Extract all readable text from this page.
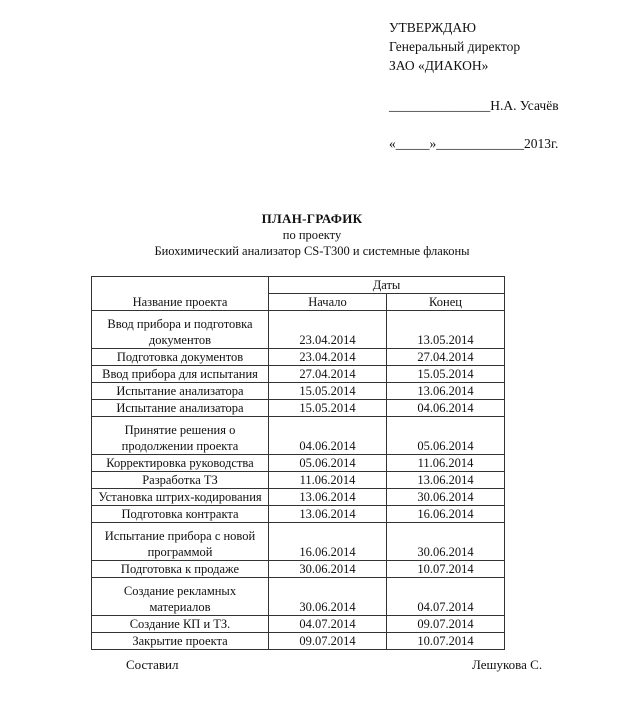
УТВЕРЖДАЮ
Генеральный директор
ЗАО «ДИАКОН»
_______________Н.А. Усачёв
«_____»_____________2013г.
ПЛАН-ГРАФИК
по проекту
Биохимический анализатор CS-T300 и системные флаконы
Название проекта	Даты	
	Начало	Конец

Ввод прибора и подготовка
документов	23.04.2014	13.05.2014

Подготовка документов	23.04.2014	27.04.2014

Ввод прибора для испытания	27.04.2014	15.05.2014

Испытание анализатора	15.05.2014	13.06.2014

Испытание анализатора	15.05.2014	04.06.2014

Принятие решения о
продолжении проекта	04.06.2014	05.06.2014

Корректировка руководства	05.06.2014	11.06.2014

Разработка ТЗ	11.06.2014	13.06.2014

Установка штрих-кодирования	13.06.2014	30.06.2014

Подготовка контракта	13.06.2014	16.06.2014

Испытание прибора с новой
программой	16.06.2014	30.06.2014

Подготовка к продаже	30.06.2014	10.07.2014

Создание рекламных
материалов	30.06.2014	04.07.2014

Создание КП и ТЗ.	04.07.2014	09.07.2014

Закрытие проекта	09.07.2014	10.07.2014
Составил	Лешукова С.
